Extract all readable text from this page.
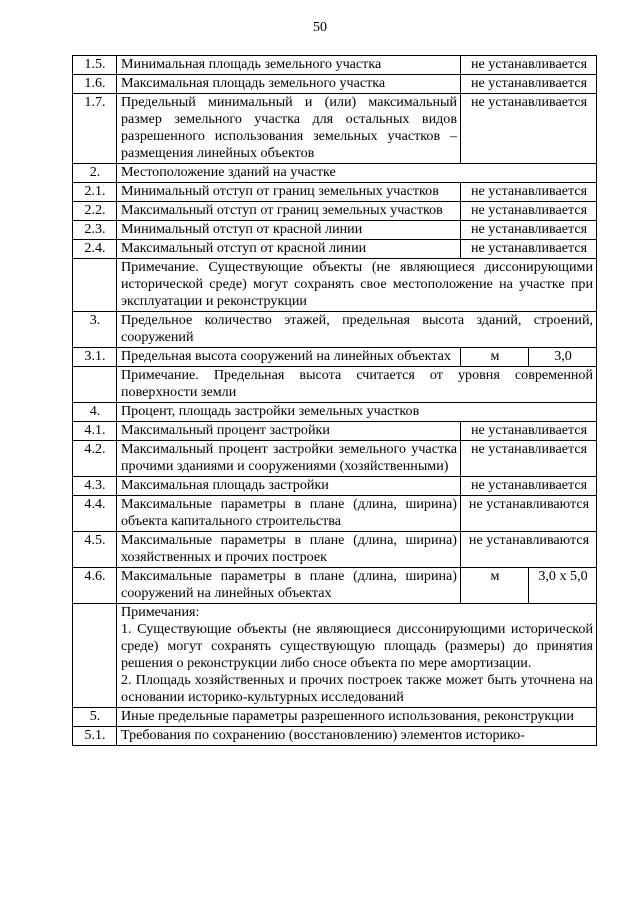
50
1.5.	Минимальная площадь земельного участка	не устанавливается	
1.6.	Максимальная площадь земельного участка	не устанавливается	
1.7.	Предельный минимальный и (или) максимальный размер земельного участка для остальных видов разрешенного использования земельных участков – размещения линейных объектов	не устанавливается	
2.	Местоположение зданий на участке		
2.1.	Минимальный отступ от границ земельных участков	не устанавливается	
2.2.	Максимальный отступ от границ земельных участков	не устанавливается	
2.3.	Минимальный отступ от красной линии	не устанавливается	
2.4.	Максимальный отступ от красной линии	не устанавливается	
	Примечание. Существующие объекты (не являющиеся диссонирующими исторической среде) могут сохранять свое местоположение на участке при эксплуатации и реконструкции		
3.	Предельное количество этажей, предельная высота зданий, строений, сооружений		
3.1.	Предельная высота сооружений на линейных объектах	м	3,0
	Примечание. Предельная высота считается от уровня современной поверхности земли		
4.	Процент, площадь застройки земельных участков		
4.1.	Максимальный процент застройки	не устанавливается	
4.2.	Максимальный процент застройки земельного участка прочими зданиями и сооружениями (хозяйственными)	не устанавливается	
4.3.	Максимальная площадь застройки	не устанавливается	
4.4.	Максимальные параметры в плане (длина, ширина) объекта капитального строительства	не устанавливаются	
4.5.	Максимальные параметры в плане (длина, ширина) хозяйственных и прочих построек	не устанавливаются	
4.6.	Максимальные параметры в плане (длина, ширина) сооружений на линейных объектах	м	3,0 х 5,0

	Примечания:
1. Существующие объекты (не являющиеся диссонирующими исторической среде) могут сохранять существующую площадь (размеры) до принятия решения о реконструкции либо сносе объекта по мере амортизации.
2. Площадь хозяйственных и прочих построек также может быть уточнена на основании историко-культурных исследований		

5.	Иные предельные параметры разрешенного использования, реконструкции		
5.1.	Требования по сохранению (восстановлению) элементов историко-		
